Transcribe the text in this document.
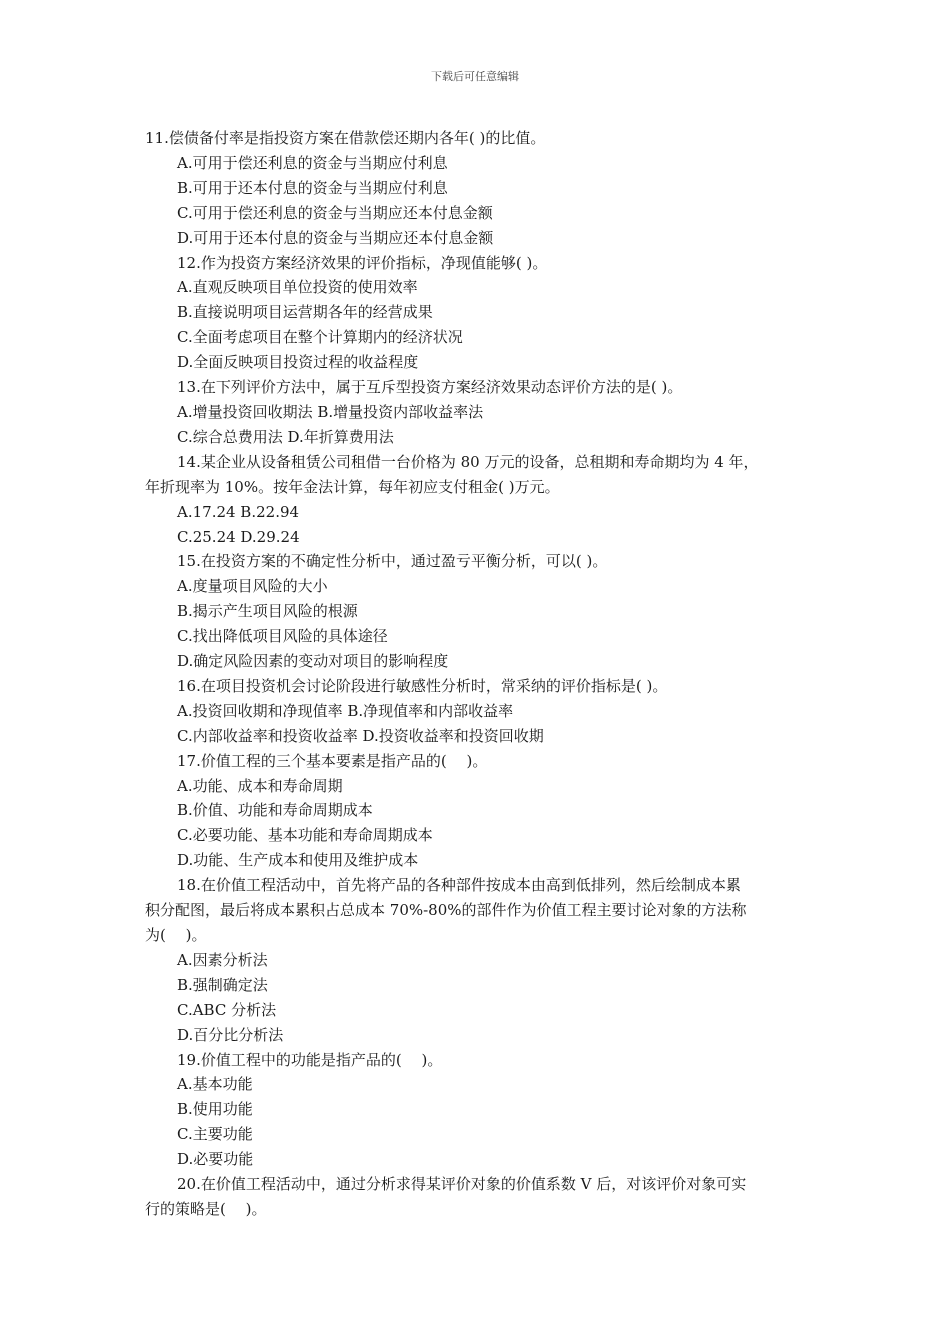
下载后可任意编辑
11.偿债备付率是指投资方案在借款偿还期内各年( )的比值。
A.可用于偿还利息的资金与当期应付利息
B.可用于还本付息的资金与当期应付利息
C.可用于偿还利息的资金与当期应还本付息金额
D.可用于还本付息的资金与当期应还本付息金额
12.作为投资方案经济效果的评价指标，净现值能够( )。
A.直观反映项目单位投资的使用效率
B.直接说明项目运营期各年的经营成果
C.全面考虑项目在整个计算期内的经济状况
D.全面反映项目投资过程的收益程度
13.在下列评价方法中，属于互斥型投资方案经济效果动态评价方法的是( )。
A.增量投资回收期法 B.增量投资内部收益率法
C.综合总费用法 D.年折算费用法
14.某企业从设备租赁公司租借一台价格为 80 万元的设备，总租期和寿命期均为 4 年，
年折现率为 10%。按年金法计算，每年初应支付租金( )万元。
A.17.24 B.22.94
C.25.24 D.29.24
15.在投资方案的不确定性分析中，通过盈亏平衡分析，可以( )。
A.度量项目风险的大小
B.揭示产生项目风险的根源
C.找出降低项目风险的具体途径
D.确定风险因素的变动对项目的影响程度
16.在项目投资机会讨论阶段进行敏感性分析时，常采纳的评价指标是( )。
A.投资回收期和净现值率 B.净现值率和内部收益率
C.内部收益率和投资收益率 D.投资收益率和投资回收期
17.价值工程的三个基本要素是指产品的(　 )。
A.功能、成本和寿命周期
B.价值、功能和寿命周期成本
C.必要功能、基本功能和寿命周期成本
D.功能、生产成本和使用及维护成本
18.在价值工程活动中，首先将产品的各种部件按成本由高到低排列，然后绘制成本累
积分配图，最后将成本累积占总成本 70%-80%的部件作为价值工程主要讨论对象的方法称
为(　 )。
A.因素分析法
B.强制确定法
C.ABC 分析法
D.百分比分析法
19.价值工程中的功能是指产品的(　 )。
A.基本功能
B.使用功能
C.主要功能
D.必要功能
20.在价值工程活动中，通过分析求得某评价对象的价值系数 V 后，对该评价对象可实
行的策略是(　 )。
